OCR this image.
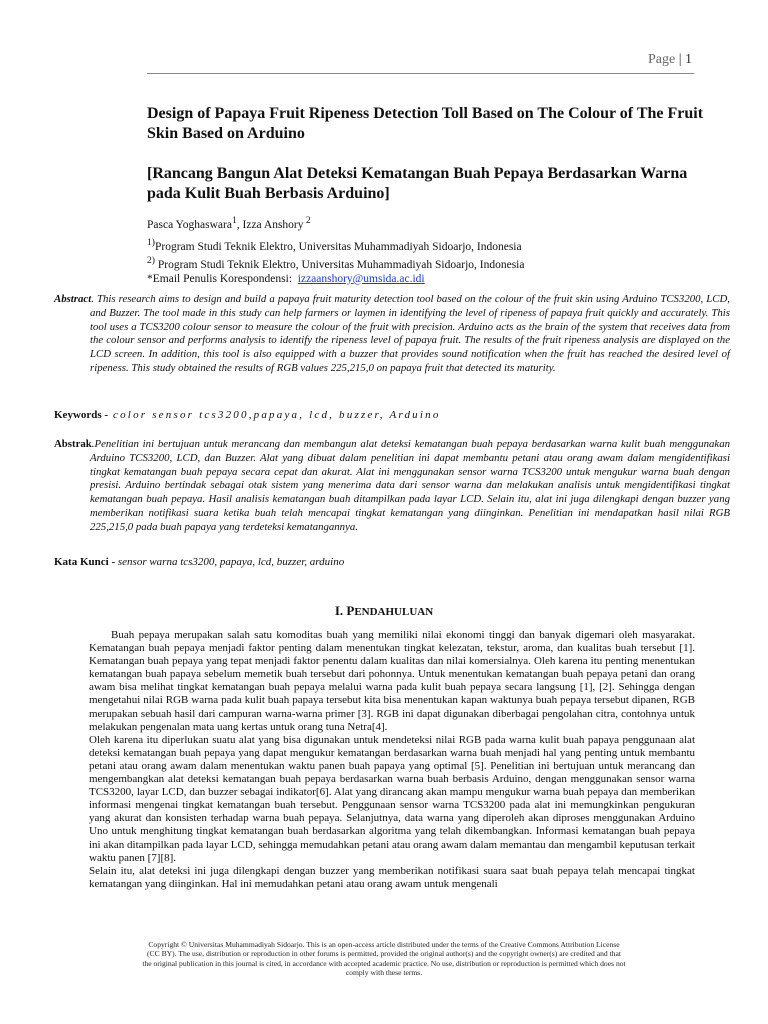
Page | 1
Design of Papaya Fruit Ripeness Detection Toll Based on The Colour of The Fruit Skin Based on Arduino
[Rancang Bangun Alat Deteksi Kematangan Buah Pepaya Berdasarkan Warna pada Kulit Buah Berbasis Arduino]
Pasca Yoghaswara$^1$, Izza Anshory $^2$
$^{1)}$Program Studi Teknik Elektro, Universitas Muhammadiyah Sidoarjo, Indonesia
$^{2)}$ Program Studi Teknik Elektro, Universitas Muhammadiyah Sidoarjo, Indonesia
*Email Penulis Korespondensi: izzaanshory@umsida.ac.idi
Abstract. This research aims to design and build a papaya fruit maturity detection tool based on the colour of the fruit skin using Arduino TCS3200, LCD, and Buzzer. The tool made in this study can help farmers or laymen in identifying the level of ripeness of papaya fruit quickly and accurately. This tool uses a TCS3200 colour sensor to measure the colour of the fruit with precision. Arduino acts as the brain of the system that receives data from the colour sensor and performs analysis to identify the ripeness level of papaya fruit. The results of the fruit ripeness analysis are displayed on the LCD screen. In addition, this tool is also equipped with a buzzer that provides sound notification when the fruit has reached the desired level of ripeness. This study obtained the results of RGB values 225,215,0 on papaya fruit that detected its maturity.
Keywords - color sensor tcs3200,papaya, lcd, buzzer, Arduino
Abstrak.Penelitian ini bertujuan untuk merancang dan membangun alat deteksi kematangan buah pepaya berdasarkan warna kulit buah menggunakan Arduino TCS3200, LCD, dan Buzzer. Alat yang dibuat dalam penelitian ini dapat membantu petani atau orang awam dalam mengidentifikasi tingkat kematangan buah pepaya secara cepat dan akurat. Alat ini menggunakan sensor warna TCS3200 untuk mengukur warna buah dengan presisi. Arduino bertindak sebagai otak sistem yang menerima data dari sensor warna dan melakukan analisis untuk mengidentifikasi tingkat kematangan buah pepaya. Hasil analisis kematangan buah ditampilkan pada layar LCD. Selain itu, alat ini juga dilengkapi dengan buzzer yang memberikan notifikasi suara ketika buah telah mencapai tingkat kematangan yang diinginkan. Penelitian ini mendapatkan hasil nilai RGB 225,215,0 pada buah papaya yang terdeteksi kematangannya.
Kata Kunci - sensor warna tcs3200, papaya, lcd, buzzer, arduino
I. PENDAHULUAN

Buah pepaya merupakan salah satu komoditas buah yang memiliki nilai ekonomi tinggi dan banyak digemari oleh masyarakat. Kematangan buah pepaya menjadi faktor penting dalam menentukan tingkat kelezatan, tekstur, aroma, dan kualitas buah tersebut [1]. Kematangan buah pepaya yang tepat menjadi faktor penentu dalam kualitas dan nilai komersialnya. Oleh karena itu penting menentukan kematangan buah papaya sebelum memetik buah tersebut dari pohonnya. Untuk menentukan kematangan buah pepaya petani dan orang awam bisa melihat tingkat kematangan buah pepaya melalui warna pada kulit buah pepaya secara langsung [1], [2]. Sehingga dengan mengetahui nilai RGB warna pada kulit buah papaya tersebut kita bisa menentukan kapan waktunya buah pepaya tersebut dipanen, RGB merupakan sebuah hasil dari campuran warna-warna primer [3]. RGB ini dapat digunakan diberbagai pengolahan citra, contohnya untuk melakukan pengenalan mata uang kertas untuk orang tuna Netra[4].

Oleh karena itu diperlukan suatu alat yang bisa digunakan untuk mendeteksi nilai RGB pada warna kulit buah papaya penggunaan alat deteksi kematangan buah pepaya yang dapat mengukur kematangan berdasarkan warna buah menjadi hal yang penting untuk membantu petani atau orang awam dalam menentukan waktu panen buah papaya yang optimal [5]. Penelitian ini bertujuan untuk merancang dan mengembangkan alat deteksi kematangan buah pepaya berdasarkan warna buah berbasis Arduino, dengan menggunakan sensor warna TCS3200, layar LCD, dan buzzer sebagai indikator[6]. Alat yang dirancang akan mampu mengukur warna buah pepaya dan memberikan informasi mengenai tingkat kematangan buah tersebut. Penggunaan sensor warna TCS3200 pada alat ini memungkinkan pengukuran yang akurat dan konsisten terhadap warna buah pepaya. Selanjutnya, data warna yang diperoleh akan diproses menggunakan Arduino Uno untuk menghitung tingkat kematangan buah berdasarkan algoritma yang telah dikembangkan. Informasi kematangan buah pepaya ini akan ditampilkan pada layar LCD, sehingga memudahkan petani atau orang awam dalam memantau dan mengambil keputusan terkait waktu panen [7][8].

Selain itu, alat deteksi ini juga dilengkapi dengan buzzer yang memberikan notifikasi suara saat buah pepaya telah mencapai tingkat kematangan yang diinginkan. Hal ini memudahkan petani atau orang awam untuk mengenali

Copyright © Universitas Muhammadiyah Sidoarjo. This is an open-access article distributed under the terms of the Creative Commons Attribution License
(CC BY). The use, distribution or reproduction in other forums is permitted, provided the original author(s) and the copyright owner(s) are credited and that
the original publication in this journal is cited, in accordance with accepted academic practice. No use, distribution or reproduction is permitted which does not
comply with these terms.
